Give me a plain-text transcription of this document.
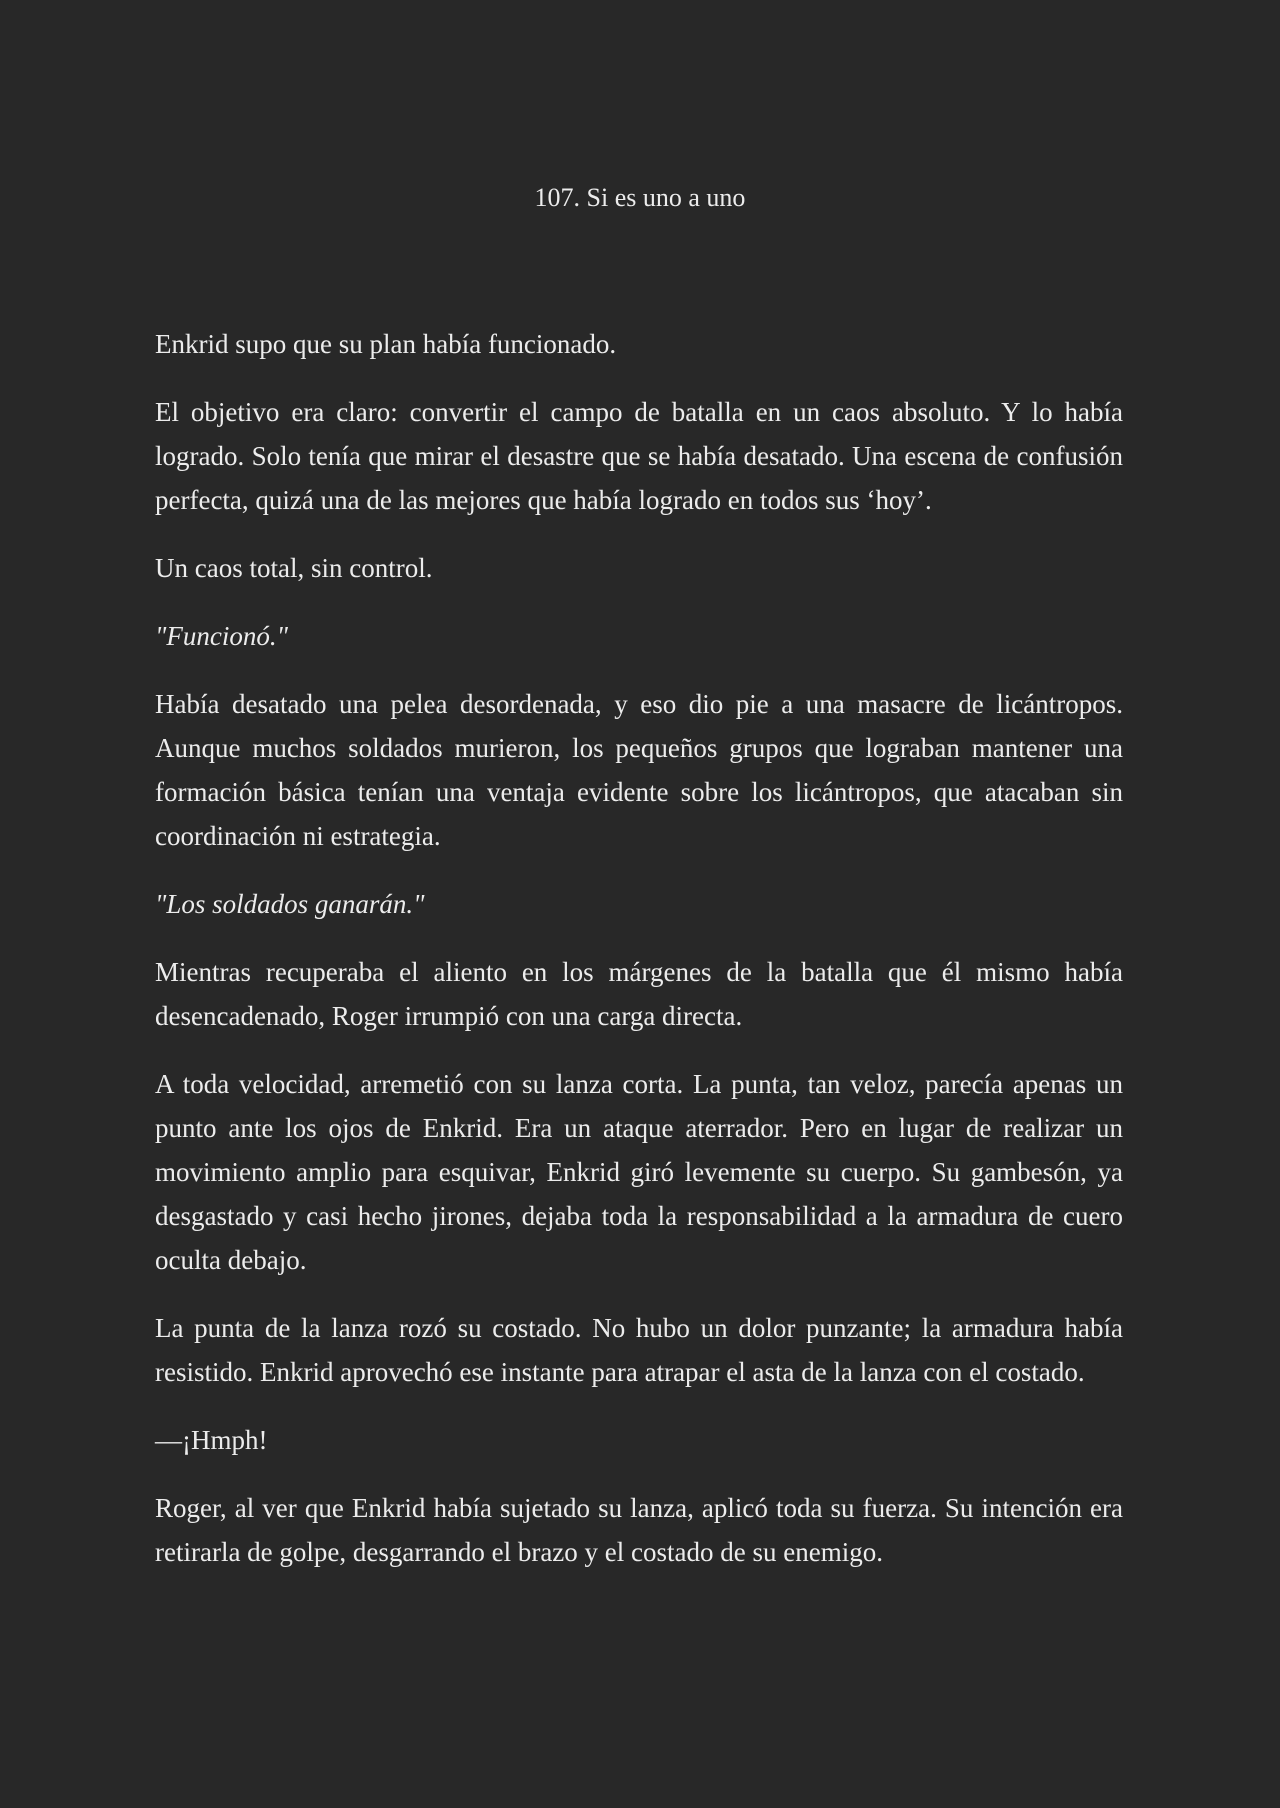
107. Si es uno a uno

Enkrid supo que su plan había funcionado.

El objetivo era claro: convertir el campo de batalla en un caos absoluto. Y lo había logrado. Solo tenía que mirar el desastre que se había desatado. Una escena de confusión perfecta, quizá una de las mejores que había logrado en todos sus ‘hoy’.

Un caos total, sin control.

"Funcionó."

Había desatado una pelea desordenada, y eso dio pie a una masacre de licántropos. Aunque muchos soldados murieron, los pequeños grupos que lograban mantener una formación básica tenían una ventaja evidente sobre los licántropos, que atacaban sin coordinación ni estrategia.

"Los soldados ganarán."

Mientras recuperaba el aliento en los márgenes de la batalla que él mismo había desencadenado, Roger irrumpió con una carga directa.

A toda velocidad, arremetió con su lanza corta. La punta, tan veloz, parecía apenas un punto ante los ojos de Enkrid. Era un ataque aterrador. Pero en lugar de realizar un movimiento amplio para esquivar, Enkrid giró levemente su cuerpo. Su gambesón, ya desgastado y casi hecho jirones, dejaba toda la responsabilidad a la armadura de cuero oculta debajo.

La punta de la lanza rozó su costado. No hubo un dolor punzante; la armadura había resistido. Enkrid aprovechó ese instante para atrapar el asta de la lanza con el costado.

—¡Hmph!

Roger, al ver que Enkrid había sujetado su lanza, aplicó toda su fuerza. Su intención era retirarla de golpe, desgarrando el brazo y el costado de su enemigo.
